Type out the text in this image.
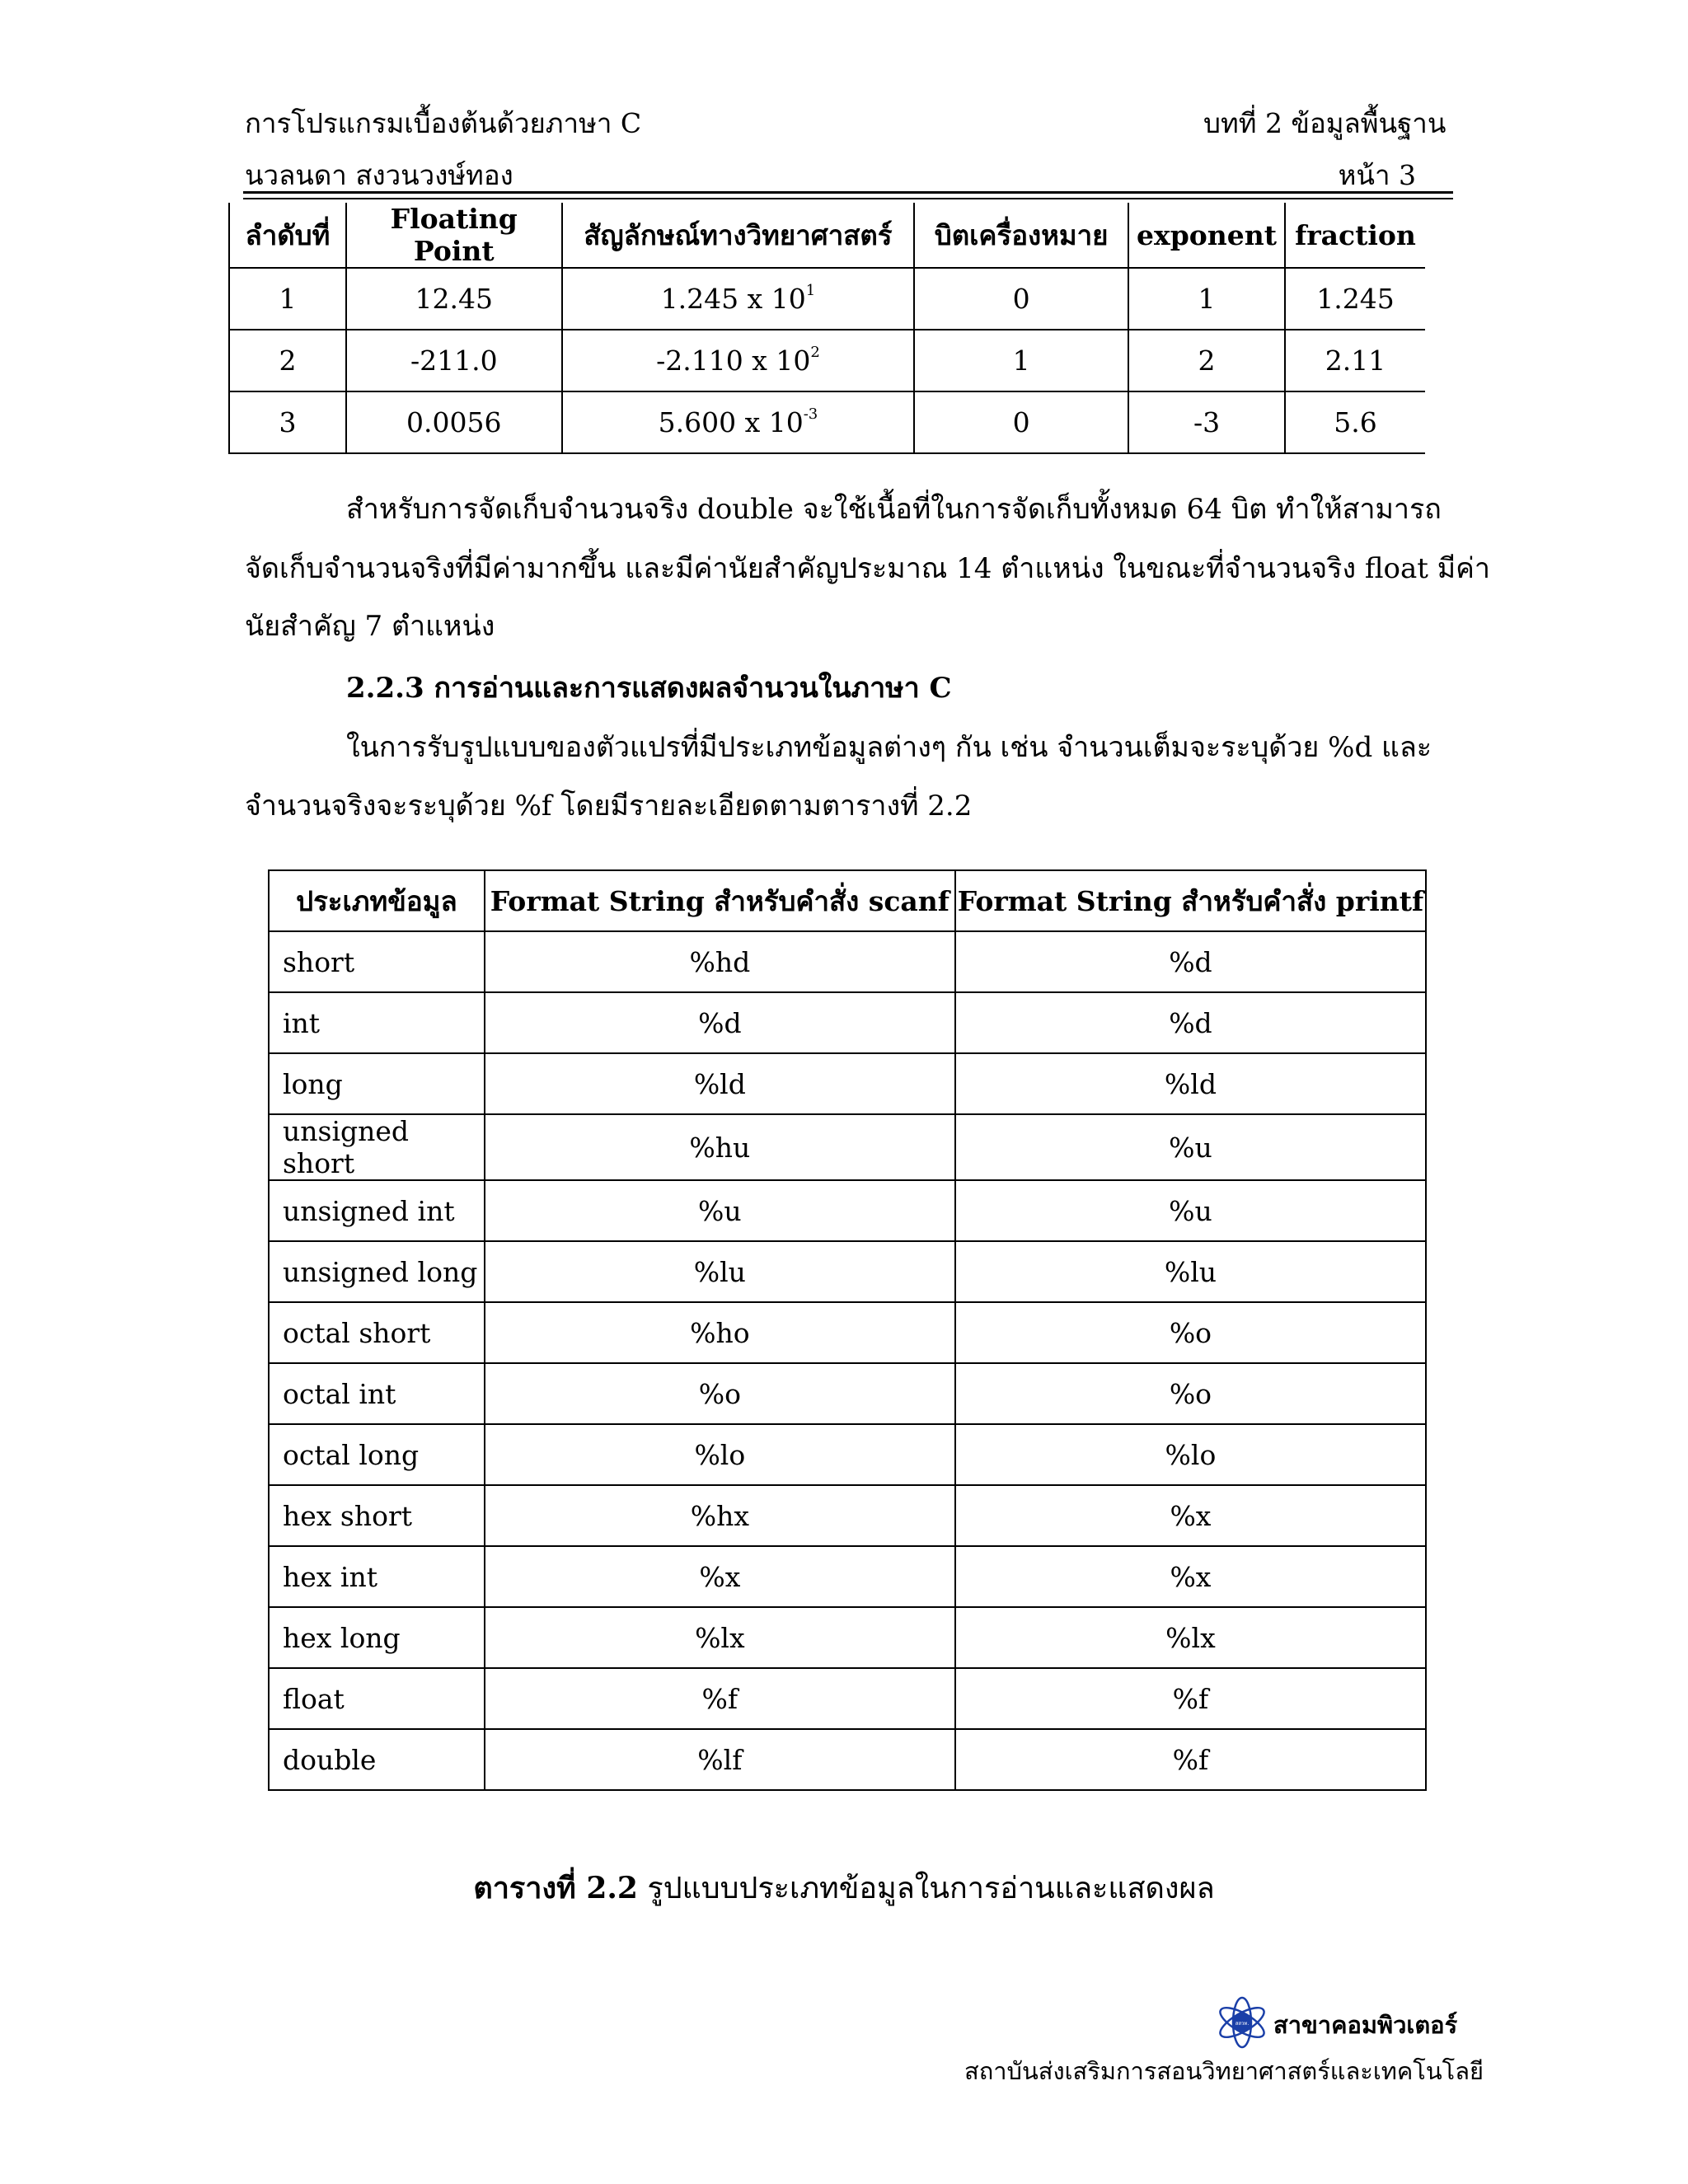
การโปรแกรมเบื้องต้นด้วยภาษา C	บทที่ 2 ข้อมูลพื้นฐาน
นวลนดา สงวนวงษ์ทอง	หน้า 3
ลำดับที่	Floating Point	สัญลักษณ์ทางวิทยาศาสตร์	บิตเครื่องหมาย	exponent	fraction
1	12.45	1.245 x $10^1$	0	1	1.245
2	-211.0	-2.110 x $10^2$	1	2	2.11
3	0.0056	5.600 x $10^{-3}$	0	-3	5.6
สำหรับการจัดเก็บจำนวนจริง double จะใช้เนื้อที่ในการจัดเก็บทั้งหมด 64 บิต ทำให้สามารถ
จัดเก็บจำนวนจริงที่มีค่ามากขึ้น และมีค่านัยสำคัญประมาณ 14 ตำแหน่ง ในขณะที่จำนวนจริง float มีค่า
นัยสำคัญ 7 ตำแหน่ง
2.2.3 การอ่านและการแสดงผลจำนวนในภาษา C
ในการรับรูปแบบของตัวแปรที่มีประเภทข้อมูลต่างๆ กัน เช่น จำนวนเต็มจะระบุด้วย %d และ
จำนวนจริงจะระบุด้วย %f โดยมีรายละเอียดตามตารางที่ 2.2
ประเภทข้อมูล	Format String สำหรับคำสั่ง scanf	Format String สำหรับคำสั่ง printf
short	%hd	%d
int	%d	%d
long	%ld	%ld
unsigned short	%hu	%u
unsigned int	%u	%u
unsigned long	%lu	%lu
octal short	%ho	%o
octal int	%o	%o
octal long	%lo	%lo
hex short	%hx	%x
hex int	%x	%x
hex long	%lx	%lx
float	%f	%f
double	%lf	%f
ตารางที่ 2.2 รูปแบบประเภทข้อมูลในการอ่านและแสดงผล
สสวท. สาขาคอมพิวเตอร์
สถาบันส่งเสริมการสอนวิทยาศาสตร์และเทคโนโลยี
